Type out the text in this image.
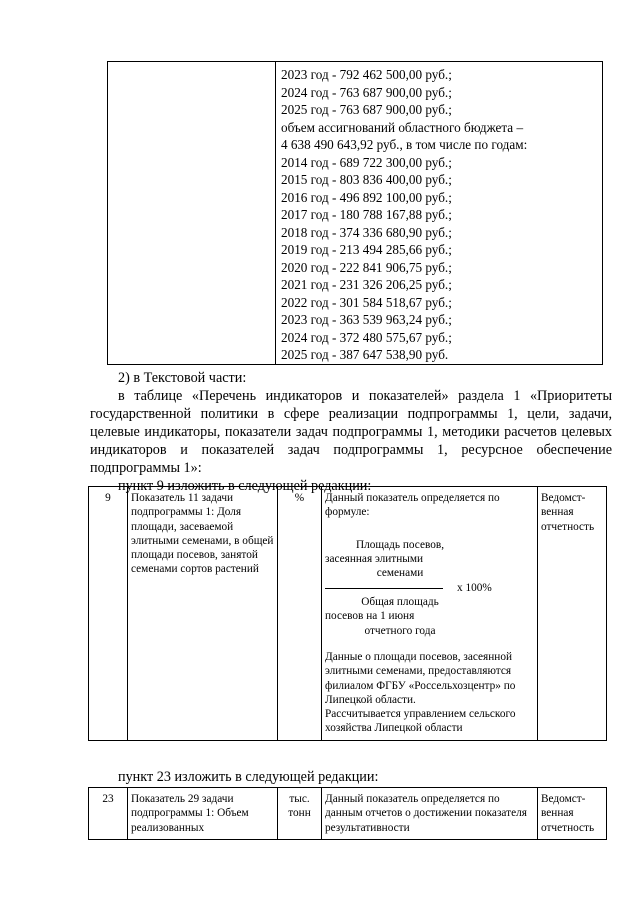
2023 год - 792 462 500,00 руб.;
2024 год - 763 687 900,00 руб.;
2025 год - 763 687 900,00 руб.;
объем ассигнований областного бюджета –
4 638 490 643,92 руб., в том числе по годам:
2014 год - 689 722 300,00 руб.;
2015 год - 803 836 400,00 руб.;
2016 год - 496 892 100,00 руб.;
2017 год - 180 788 167,88 руб.;
2018 год - 374 336 680,90 руб.;
2019 год - 213 494 285,66 руб.;
2020 год - 222 841 906,75 руб.;
2021 год - 231 326 206,25 руб.;
2022 год - 301 584 518,67 руб.;
2023 год - 363 539 963,24 руб.;
2024 год - 372 480 575,67 руб.;
2025 год - 387 647 538,90 руб.

2) в Текстовой части:

в таблице «Перечень индикаторов и показателей» раздела 1 «Приоритеты государственной политики в сфере реализации подпрограммы 1, цели, задачи, целевые индикаторы, показатели задач подпрограммы 1, методики расчетов целевых индикаторов и показателей задач подпрограммы 1, ресурсное обеспечение подпрограммы 1»:

пункт 9 изложить в следующей редакции:

9	Показатель 11 задачи подпрограммы 1: Доля площади, засеваемой элитными семенами, в общей площади посевов, занятой семенами сортов растений	%	Данный показатель определяется по формуле:
Площадь посевов,
засеянная элитными
семенами
x 100%
Общая площадь
посевов на 1 июня
отчетного года
Данные о площади посевов, засеянной элитными семенами, предоставляются филиалом ФГБУ «Россельхозцентр» по Липецкой области.
Рассчитывается управлением сельского хозяйства Липецкой области
	Ведомст-венная отчетность

пункт 23 изложить в следующей редакции:

23	Показатель 29 задачи подпрограммы 1: Объем реализованных	тыс. тонн	Данный показатель определяется по данным отчетов о достижении показателя результативности	Ведомст-венная отчетность
